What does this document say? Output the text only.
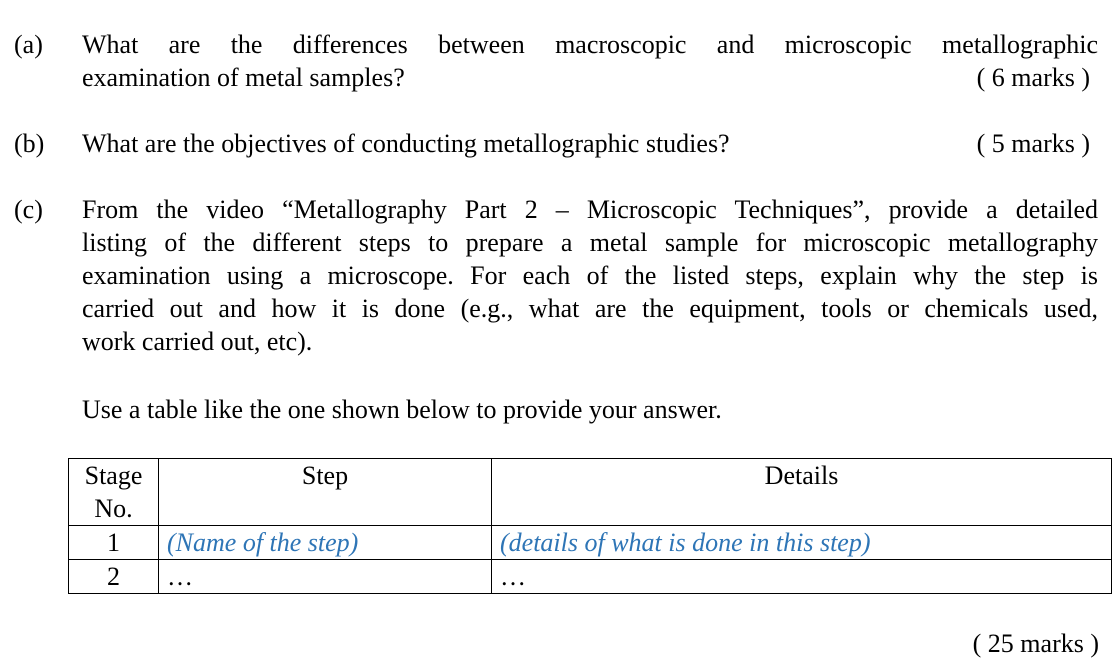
(a) What are the differences between macroscopic and microscopic metallographic
examination of metal samples?	( 6 marks )
(b) What are the objectives of conducting metallographic studies?	( 5 marks )
(c) From the video “Metallography Part 2 – Microscopic Techniques”, provide a detailed
listing of the different steps to prepare a metal sample for microscopic metallography
examination using a microscope. For each of the listed steps, explain why the step is
carried out and how it is done (e.g., what are the equipment, tools or chemicals used,
work carried out, etc).
Use a table like the one shown below to provide your answer.
Stage No.	Step	Details
1	(Name of the step)	(details of what is done in this step)
2	…	…
( 25 marks )
